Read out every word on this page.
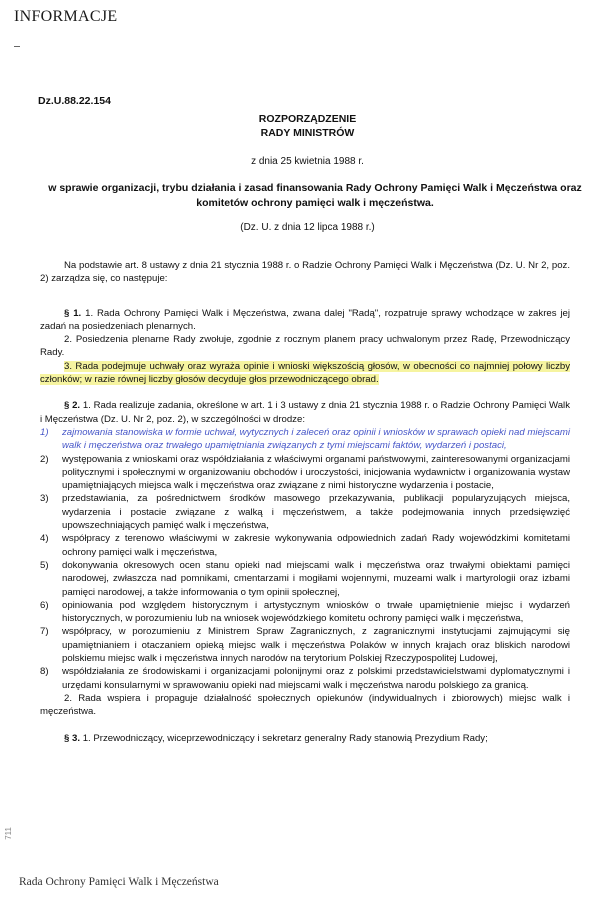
INFORMACJE
Dz.U.88.22.154
ROZPORZĄDZENIE
RADY MINISTRÓW
z dnia 25 kwietnia 1988 r.
w sprawie organizacji, trybu działania i zasad finansowania Rady Ochrony Pamięci Walk i Męczeństwa oraz komitetów ochrony pamięci walk i męczeństwa.
(Dz. U. z dnia 12 lipca 1988 r.)

Na podstawie art. 8 ustawy z dnia 21 stycznia 1988 r. o Radzie Ochrony Pamięci Walk i Męczeństwa (Dz. U. Nr 2, poz. 2) zarządza się, co następuje:

§ 1. 1. Rada Ochrony Pamięci Walk i Męczeństwa, zwana dalej "Radą", rozpatruje sprawy wchodzące w zakres jej zadań na posiedzeniach plenarnych.

2. Posiedzenia plenarne Rady zwołuje, zgodnie z rocznym planem pracy uchwalonym przez Radę, Przewodniczący Rady.

3. Rada podejmuje uchwały oraz wyraża opinie i wnioski większością głosów, w obecności co najmniej połowy liczby członków; w razie równej liczby głosów decyduje głos przewodniczącego obrad.

§ 2. 1. Rada realizuje zadania, określone w art. 1 i 3 ustawy z dnia 21 stycznia 1988 r. o Radzie Ochrony Pamięci Walk i Męczeństwa (Dz. U. Nr 2, poz. 2), w szczególności w drodze:

1)	zajmowania stanowiska w formie uchwał, wytycznych i zaleceń oraz opinii i wniosków w sprawach opieki nad miejscami walk i męczeństwa oraz trwałego upamiętniania związanych z tymi miejscami faktów, wydarzeń i postaci,
2)	występowania z wnioskami oraz współdziałania z właściwymi organami państwowymi, zainteresowanymi organizacjami politycznymi i społecznymi w organizowaniu obchodów i uroczystości, inicjowania wydawnictw i organizowania wystaw upamiętniających miejsca walk i męczeństwa oraz związane z nimi historyczne wydarzenia i postacie,
3)	przedstawiania, za pośrednictwem środków masowego przekazywania, publikacji popularyzujących miejsca, wydarzenia i postacie związane z walką i męczeństwem, a także podejmowania innych przedsięwzięć upowszechniających pamięć walk i męczeństwa,
4)	współpracy z terenowo właściwymi w zakresie wykonywania odpowiednich zadań Rady wojewódzkimi komitetami ochrony pamięci walk i męczeństwa,
5)	dokonywania okresowych ocen stanu opieki nad miejscami walk i męczeństwa oraz trwałymi obiektami pamięci narodowej, zwłaszcza nad pomnikami, cmentarzami i mogiłami wojennymi, muzeami walk i martyrologii oraz izbami pamięci narodowej, a także informowania o tym opinii społecznej,
6)	opiniowania pod względem historycznym i artystycznym wniosków o trwałe upamiętnienie miejsc i wydarzeń historycznych, w porozumieniu lub na wniosek wojewódzkiego komitetu ochrony pamięci walk i męczeństwa,
7)	współpracy, w porozumieniu z Ministrem Spraw Zagranicznych, z zagranicznymi instytucjami zajmującymi się upamiętnianiem i otaczaniem opieką miejsc walk i męczeństwa Polaków w innych krajach oraz bliskich narodowi polskiemu miejsc walk i męczeństwa innych narodów na terytorium Polskiej Rzeczypospolitej Ludowej,
8)	współdziałania ze środowiskami i organizacjami polonijnymi oraz z polskimi przedstawicielstwami dyplomatycznymi i urzędami konsularnymi w sprawowaniu opieki nad miejscami walk i męczeństwa narodu polskiego za granicą.

2. Rada wspiera i propaguje działalność społecznych opiekunów (indywidualnych i zbiorowych) miejsc walk i męczeństwa.

§ 3. 1. Przewodniczący, wiceprzewodniczący i sekretarz generalny Rady stanowią Prezydium Rady;

711
Rada Ochrony Pamięci Walk i Męczeństwa
